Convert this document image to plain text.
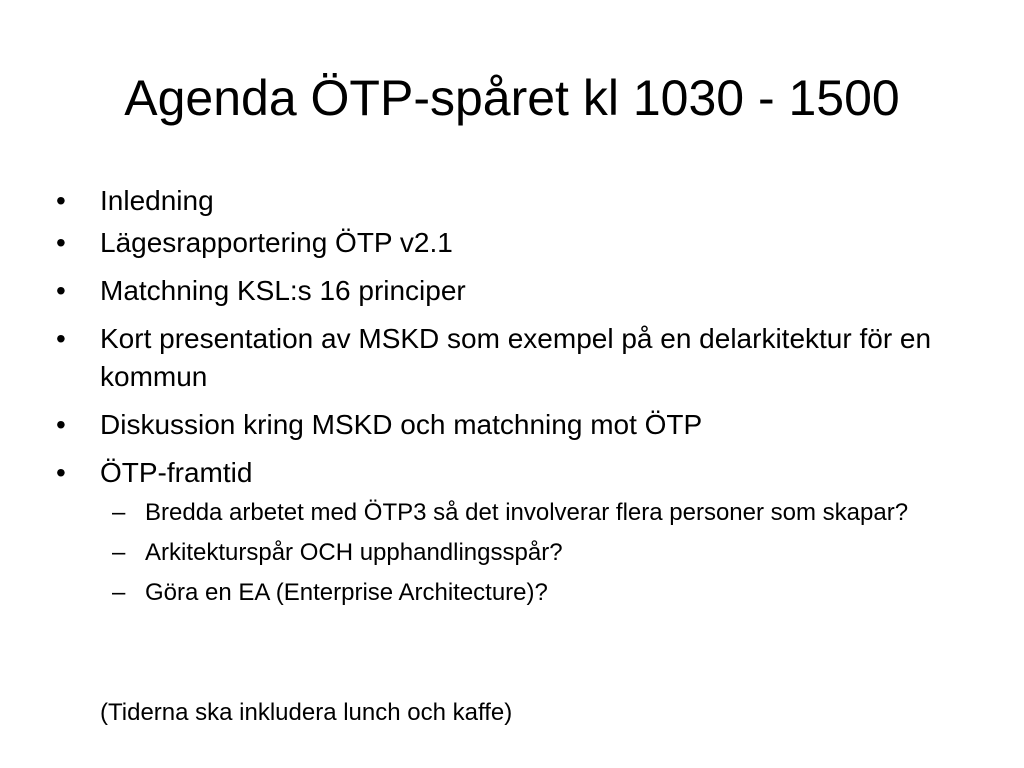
Agenda ÖTP-spåret kl 1030 - 1500
•	Inledning
•	Lägesrapportering ÖTP v2.1
•	Matchning KSL:s 16 principer
•	Kort presentation av MSKD som exempel på en delarkitektur för en kommun
•	Diskussion kring MSKD och matchning mot ÖTP
•	ÖTP-framtid
– Bredda arbetet med ÖTP3 så det involverar flera personer som skapar?
– Arkitekturspår OCH upphandlingsspår?
– Göra en EA (Enterprise Architecture)?
(Tiderna ska inkludera lunch och kaffe)
